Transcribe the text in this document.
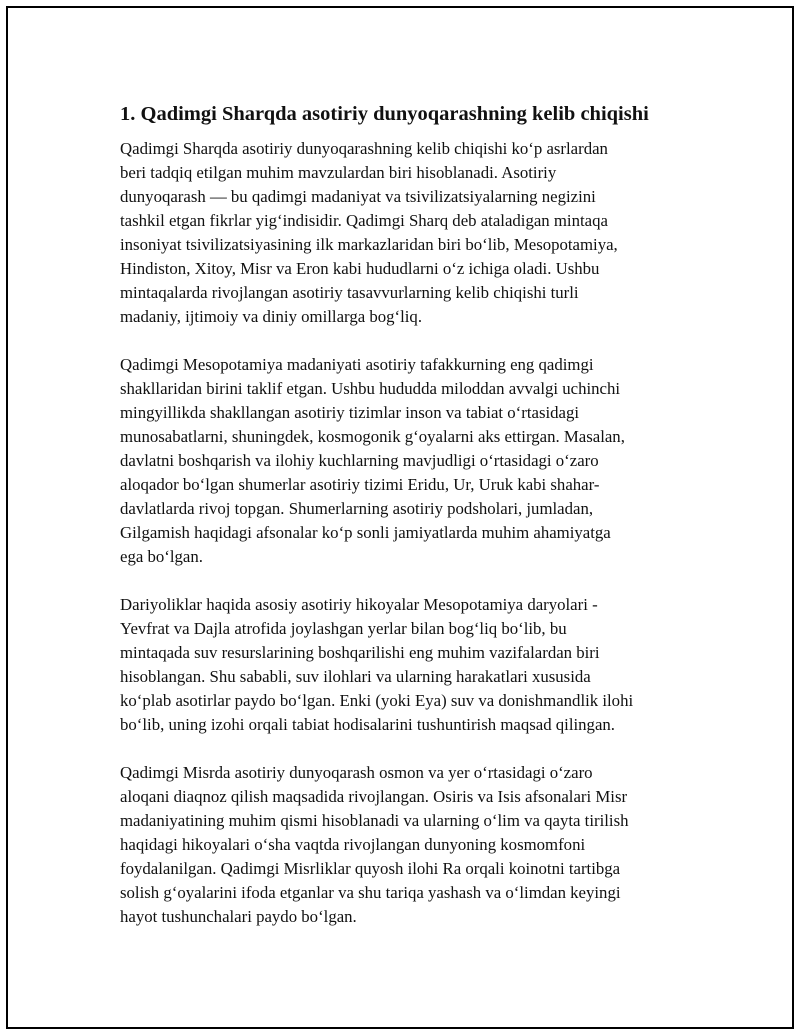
1. Qadimgi Sharqda asotiriy dunyoqarashning kelib chiqishi

Qadimgi Sharqda asotiriy dunyoqarashning kelib chiqishi koʻp asrlardan
beri tadqiq etilgan muhim mavzulardan biri hisoblanadi. Asotiriy
dunyoqarash — bu qadimgi madaniyat va tsivilizatsiyalarning negizini
tashkil etgan fikrlar yigʻindisidir. Qadimgi Sharq deb ataladigan mintaqa
insoniyat tsivilizatsiyasining ilk markazlaridan biri boʻlib, Mesopotamiya,
Hindiston, Xitoy, Misr va Eron kabi hududlarni oʻz ichiga oladi. Ushbu
mintaqalarda rivojlangan asotiriy tasavvurlarning kelib chiqishi turli
madaniy, ijtimoiy va diniy omillarga bogʻliq.

Qadimgi Mesopotamiya madaniyati asotiriy tafakkurning eng qadimgi
shakllaridan birini taklif etgan. Ushbu hududda miloddan avvalgi uchinchi
mingyillikda shakllangan asotiriy tizimlar inson va tabiat oʻrtasidagi
munosabatlarni, shuningdek, kosmogonik gʻoyalarni aks ettirgan. Masalan,
davlatni boshqarish va ilohiy kuchlarning mavjudligi oʻrtasidagi oʻzaro
aloqador boʻlgan shumerlar asotiriy tizimi Eridu, Ur, Uruk kabi shahar-
davlatlarda rivoj topgan. Shumerlarning asotiriy podsholari, jumladan,
Gilgamish haqidagi afsonalar koʻp sonli jamiyatlarda muhim ahamiyatga
ega boʻlgan.

Dariyoliklar haqida asosiy asotiriy hikoyalar Mesopotamiya daryolari -
Yevfrat va Dajla atrofida joylashgan yerlar bilan bogʻliq boʻlib, bu
mintaqada suv resurslarining boshqarilishi eng muhim vazifalardan biri
hisoblangan. Shu sababli, suv ilohlari va ularning harakatlari xususida
koʻplab asotirlar paydo boʻlgan. Enki (yoki Eya) suv va donishmandlik ilohi
boʻlib, uning izohi orqali tabiat hodisalarini tushuntirish maqsad qilingan.

Qadimgi Misrda asotiriy dunyoqarash osmon va yer oʻrtasidagi oʻzaro
aloqani diaqnoz qilish maqsadida rivojlangan. Osiris va Isis afsonalari Misr
madaniyatining muhim qismi hisoblanadi va ularning oʻlim va qayta tirilish
haqidagi hikoyalari oʻsha vaqtda rivojlangan dunyoning kosmomfoni
foydalanilgan. Qadimgi Misrliklar quyosh ilohi Ra orqali koinotni tartibga
solish gʻoyalarini ifoda etganlar va shu tariqa yashash va oʻlimdan keyingi
hayot tushunchalari paydo boʻlgan.
